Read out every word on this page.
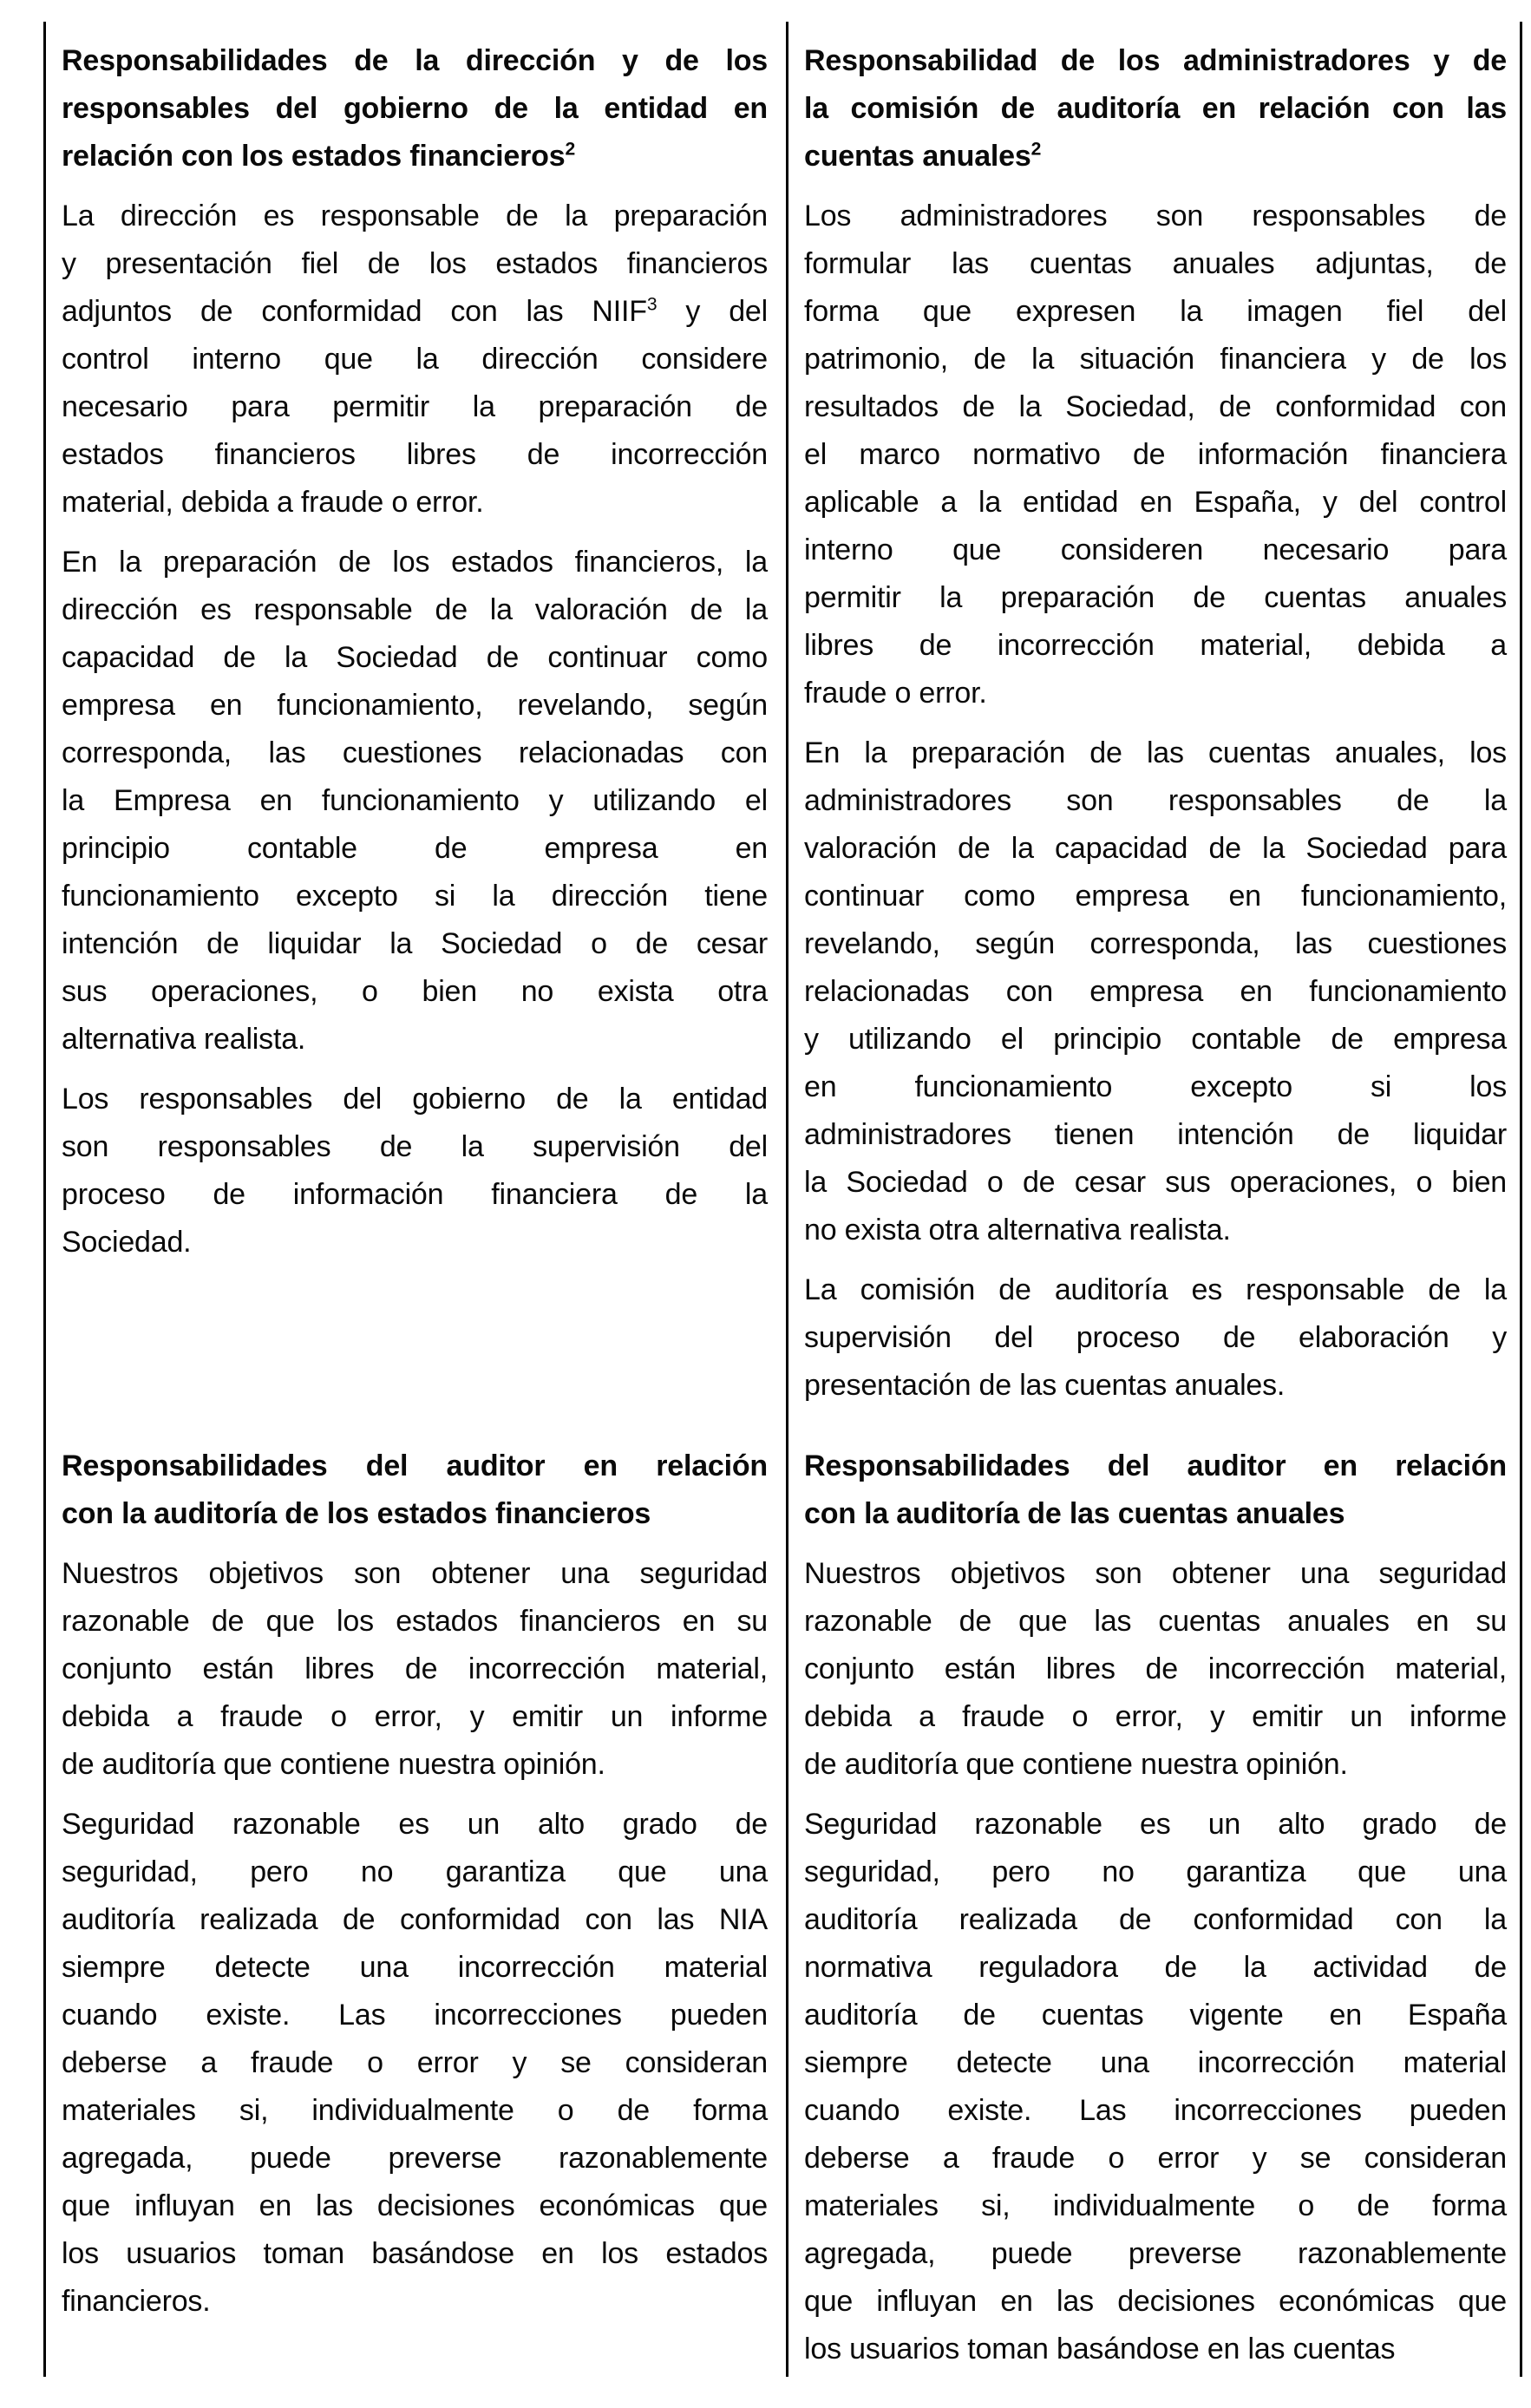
Responsabilidades de la dirección y de los
responsables del gobierno de la entidad en
relación con los estados financieros$^2$
La dirección es responsable de la preparación
y presentación fiel de los estados financieros
adjuntos de conformidad con las NIIF$^3$ y del
control interno que la dirección considere
necesario para permitir la preparación de
estados financieros libres de incorrección
material, debida a fraude o error.
En la preparación de los estados financieros, la
dirección es responsable de la valoración de la
capacidad de la Sociedad de continuar como
empresa en funcionamiento, revelando, según
corresponda, las cuestiones relacionadas con
la Empresa en funcionamiento y utilizando el
principio contable de empresa en
funcionamiento excepto si la dirección tiene
intención de liquidar la Sociedad o de cesar
sus operaciones, o bien no exista otra
alternativa realista.
Los responsables del gobierno de la entidad
son responsables de la supervisión del
proceso de información financiera de la
Sociedad.
Responsabilidad de los administradores y de
la comisión de auditoría en relación con las
cuentas anuales$^2$
Los administradores son responsables de
formular las cuentas anuales adjuntas, de
forma que expresen la imagen fiel del
patrimonio, de la situación financiera y de los
resultados de la Sociedad, de conformidad con
el marco normativo de información financiera
aplicable a la entidad en España, y del control
interno que consideren necesario para
permitir la preparación de cuentas anuales
libres de incorrección material, debida a
fraude o error.
En la preparación de las cuentas anuales, los
administradores son responsables de la
valoración de la capacidad de la Sociedad para
continuar como empresa en funcionamiento,
revelando, según corresponda, las cuestiones
relacionadas con empresa en funcionamiento
y utilizando el principio contable de empresa
en funcionamiento excepto si los
administradores tienen intención de liquidar
la Sociedad o de cesar sus operaciones, o bien
no exista otra alternativa realista.
La comisión de auditoría es responsable de la
supervisión del proceso de elaboración y
presentación de las cuentas anuales.
Responsabilidades del auditor en relación
con la auditoría de los estados financieros
Nuestros objetivos son obtener una seguridad
razonable de que los estados financieros en su
conjunto están libres de incorrección material,
debida a fraude o error, y emitir un informe
de auditoría que contiene nuestra opinión.
Seguridad razonable es un alto grado de
seguridad, pero no garantiza que una
auditoría realizada de conformidad con las NIA
siempre detecte una incorrección material
cuando existe. Las incorrecciones pueden
deberse a fraude o error y se consideran
materiales si, individualmente o de forma
agregada, puede preverse razonablemente
que influyan en las decisiones económicas que
los usuarios toman basándose en los estados
financieros.
Responsabilidades del auditor en relación
con la auditoría de las cuentas anuales
Nuestros objetivos son obtener una seguridad
razonable de que las cuentas anuales en su
conjunto están libres de incorrección material,
debida a fraude o error, y emitir un informe
de auditoría que contiene nuestra opinión.
Seguridad razonable es un alto grado de
seguridad, pero no garantiza que una
auditoría realizada de conformidad con la
normativa reguladora de la actividad de
auditoría de cuentas vigente en España
siempre detecte una incorrección material
cuando existe. Las incorrecciones pueden
deberse a fraude o error y se consideran
materiales si, individualmente o de forma
agregada, puede preverse razonablemente
que influyan en las decisiones económicas que
los usuarios toman basándose en las cuentas
